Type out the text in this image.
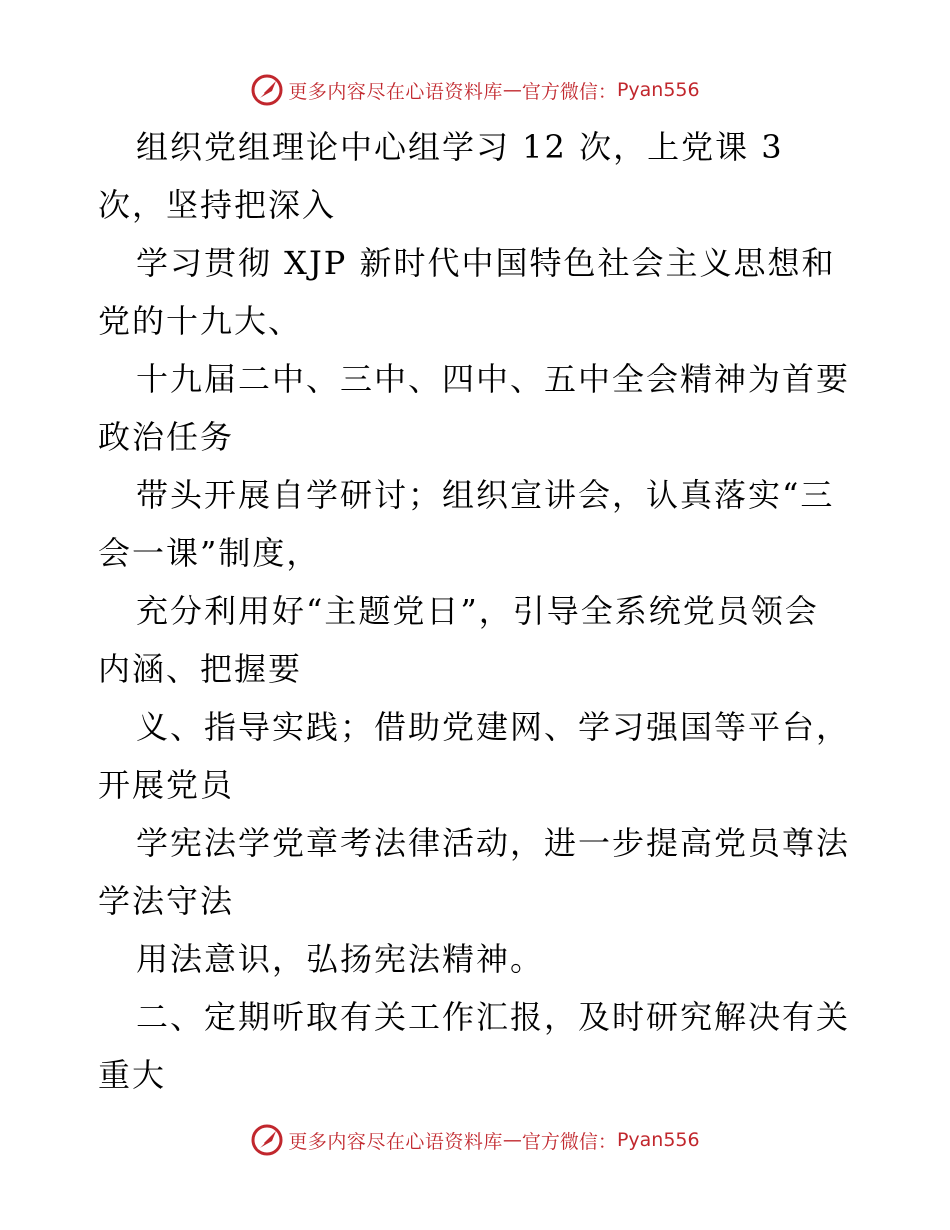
更多内容尽在心语资料库 — 官方微信： Pyan556
组织党组理论中心组学习 12 次，上党课 3
次，坚持把深入
学习贯彻 XJP 新时代中国特色社会主义思想和
党的十九大、
十九届二中、三中、四中、五中全会精神为首要
政治任务
带头开展自学研讨；组织宣讲会，认真落实“三
会一课”制度，
充分利用好“主题党日”，引导全系统党员领会
内涵、把握要
义、指导实践；借助党建网、学习强国等平台，
开展党员
学宪法学党章考法律活动，进一步提高党员尊法
学法守法
用法意识，弘扬宪法精神。
二、定期听取有关工作汇报，及时研究解决有关
重大
更多内容尽在心语资料库 — 官方微信： Pyan556
